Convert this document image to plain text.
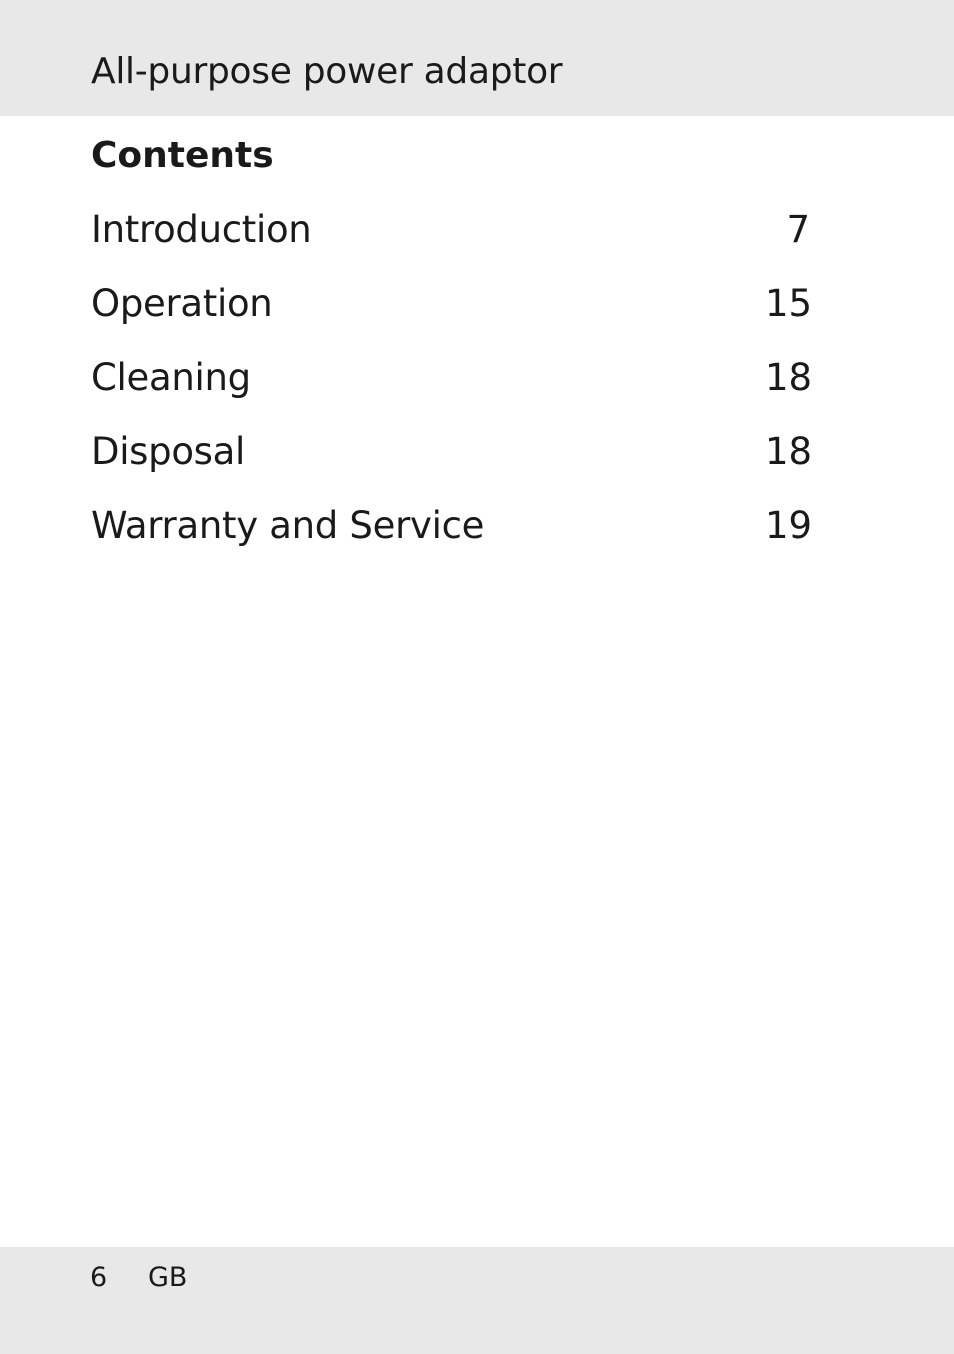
All-purpose power adaptor
Contents
Introduction	7
Operation	15
Cleaning	18
Disposal	18
Warranty and Service	19
6 GB
